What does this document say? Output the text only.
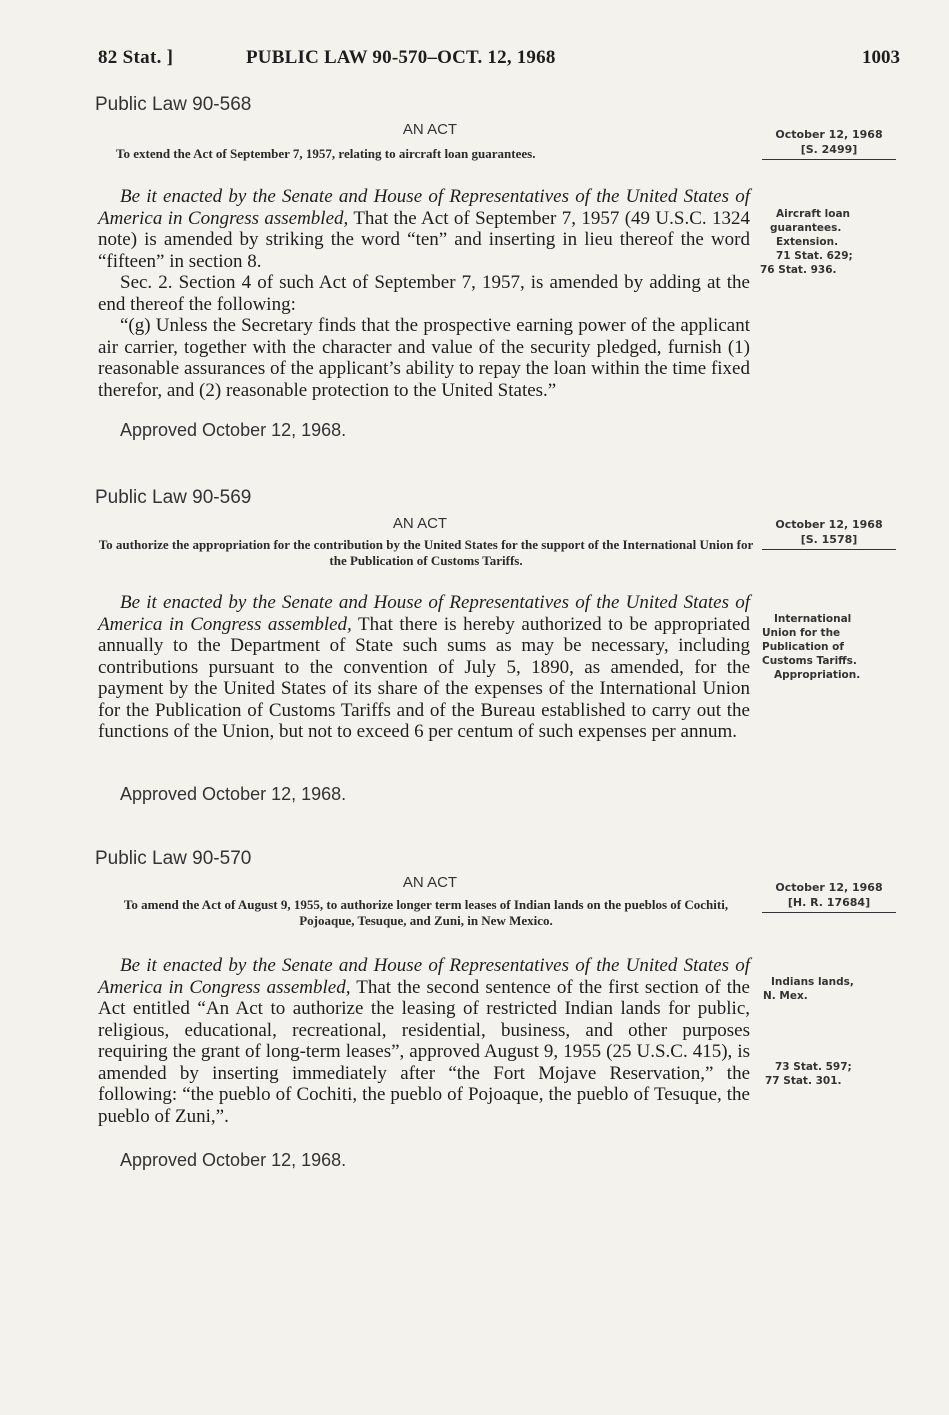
82 Stat. ]	PUBLIC LAW 90-570–OCT. 12, 1968	1003
Public Law 90-568
AN ACT
To extend the Act of September 7, 1957, relating to aircraft loan guarantees.
October 12, 1968
[S. 2499]

Be it enacted by the Senate and House of Representatives of the United States of America in Congress assembled, That the Act of September 7, 1957 (49 U.S.C. 1324 note) is amended by striking the word “ten” and inserting in lieu thereof the word “fifteen” in section 8.

Sec. 2. Section 4 of such Act of September 7, 1957, is amended by adding at the end thereof the following:

“(g) Unless the Secretary finds that the prospective earning power of the applicant air carrier, together with the character and value of the security pledged, furnish (1) reasonable assurances of the applicant’s ability to repay the loan within the time fixed therefor, and (2) reasonable protection to the United States.”

Aircraft loan
guarantees.
Extension.
71 Stat. 629;
76 Stat. 936.
Approved October 12, 1968.
Public Law 90-569
AN ACT
To authorize the appropriation for the contribution by the United States for the support of the International Union for the Publication of Customs Tariffs.
October 12, 1968
[S. 1578]

Be it enacted by the Senate and House of Representatives of the United States of America in Congress assembled, That there is hereby authorized to be appropriated annually to the Department of State such sums as may be necessary, including contributions pursuant to the convention of July 5, 1890, as amended, for the payment by the United States of its share of the expenses of the International Union for the Publication of Customs Tariffs and of the Bureau established to carry out the functions of the Union, but not to exceed 6 per centum of such expenses per annum.

International
Union for the
Publication of
Customs Tariffs.
Appropriation.
Approved October 12, 1968.
Public Law 90-570
AN ACT
To amend the Act of August 9, 1955, to authorize longer term leases of Indian lands on the pueblos of Cochiti, Pojoaque, Tesuque, and Zuni, in New Mexico.
October 12, 1968
[H. R. 17684]

Be it enacted by the Senate and House of Representatives of the United States of America in Congress assembled, That the second sentence of the first section of the Act entitled “An Act to authorize the leasing of restricted Indian lands for public, religious, educational, recreational, residential, business, and other purposes requiring the grant of long-term leases”, approved August 9, 1955 (25 U.S.C. 415), is amended by inserting immediately after “the Fort Mojave Reservation,” the following: “the pueblo of Cochiti, the pueblo of Pojoaque, the pueblo of Tesuque, the pueblo of Zuni,”.

Indians lands,
N. Mex.
73 Stat. 597;
77 Stat. 301.
Approved October 12, 1968.
